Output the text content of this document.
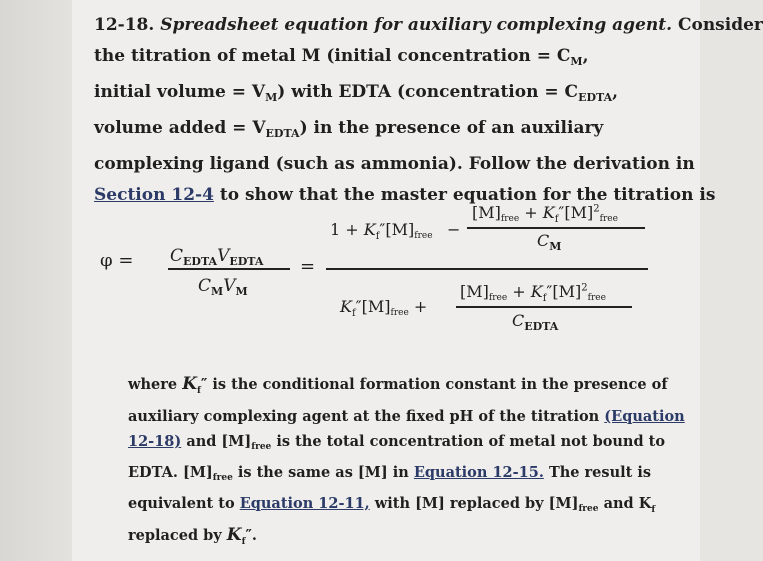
12-18. Spreadsheet equation for auxiliary complexing agent. Consider
the titration of metal M (initial concentration = $C_M$,
initial volume = $V_M$) with EDTA (concentration = $C_{EDTA}$,
volume added = $V_{EDTA}$) in the presence of an auxiliary
complexing ligand (such as ammonia). Follow the derivation in
Section 12-4 to show that the master equation for the titration is
$\varphi = C_{EDTA}V_{EDTA}$
$C_MV_M$
=
$1 + K_f''[M]free$ −
[M]free + $K_f''[M]^2free$
$C_M$
$K_f''[M]free$ +
[M]free + $K_f''[M]^2free$
$C_{EDTA}$
where $K_f''$ is the conditional formation constant in the presence of
auxiliary complexing agent at the fixed pH of the titration (Equation
12-18) and $[M]_{free}$ is the total concentration of metal not bound to
EDTA. $[M]_{free}$ is the same as [M] in Equation 12-15. The result is
equivalent to Equation 12-11, with [M] replaced by $[M]_{free}$ and $K_f$
replaced by $K_f''$.
